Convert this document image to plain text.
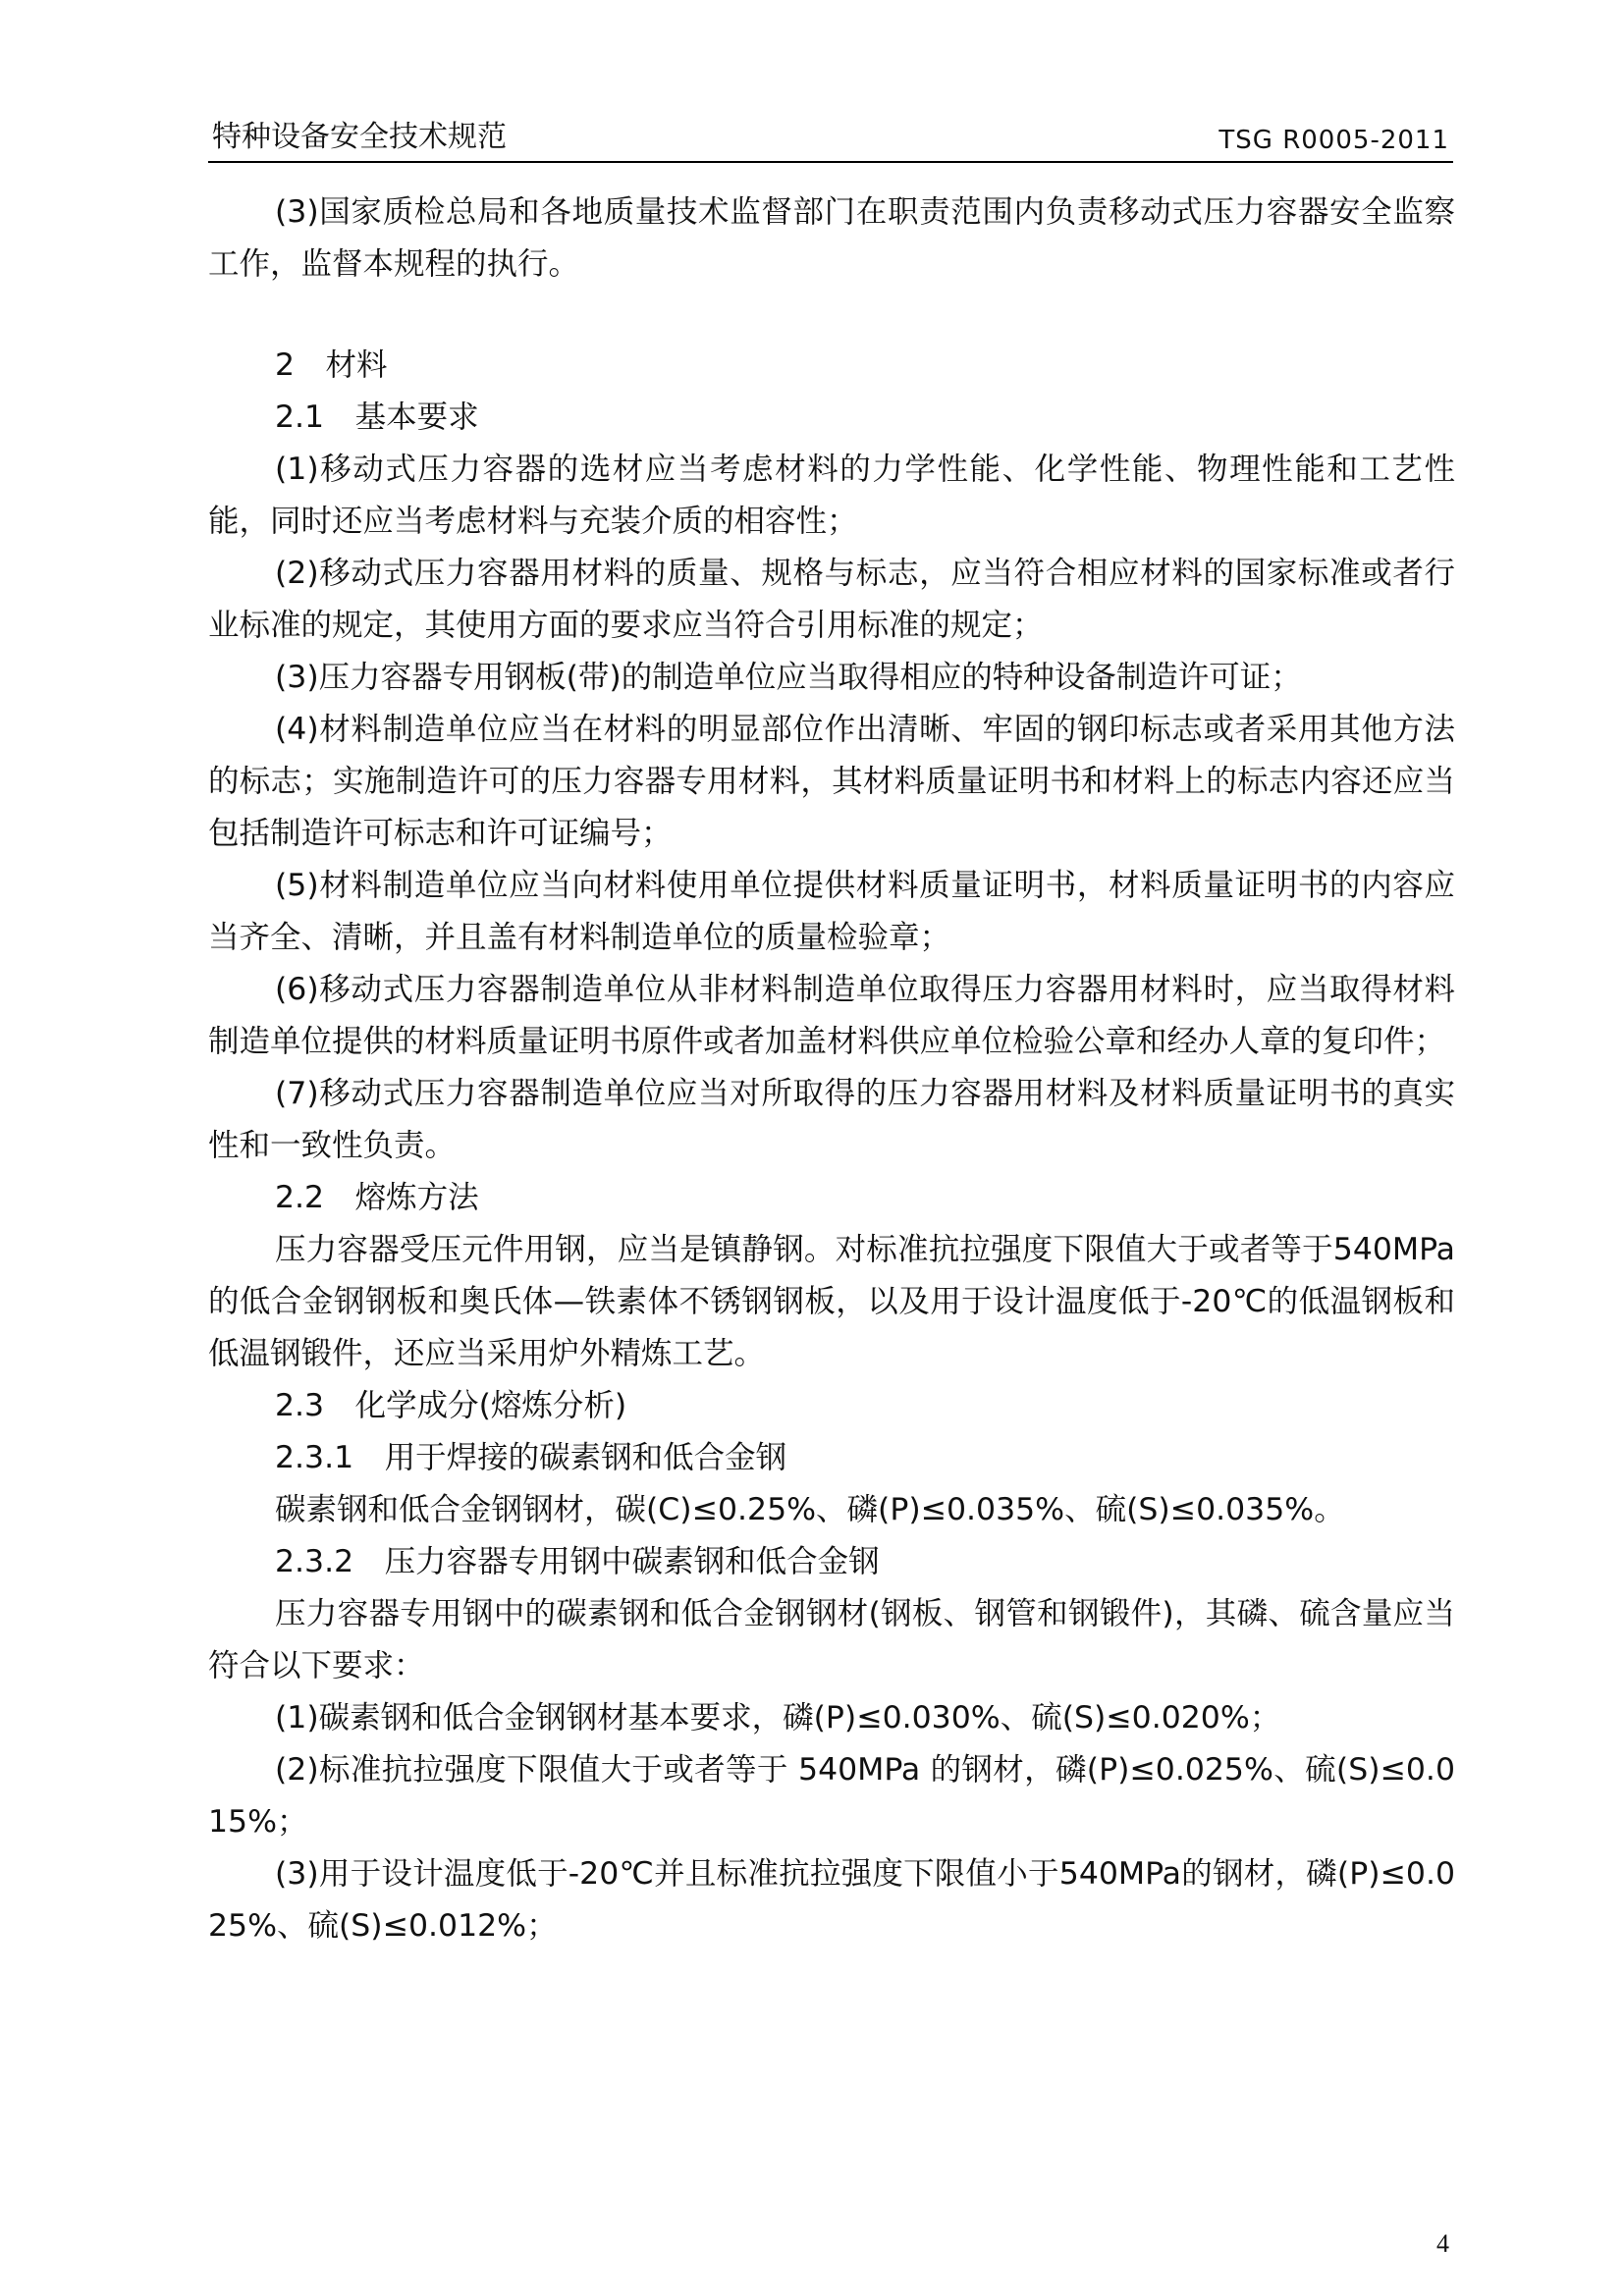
特种设备安全技术规范	TSG R0005-2011

(3)国家质检总局和各地质量技术监督部门在职责范围内负责移动式压力容器安全监察工作，监督本规程的执行。

2　材料

2.1　基本要求

(1)移动式压力容器的选材应当考虑材料的力学性能、化学性能、物理性能和工艺性能，同时还应当考虑材料与充装介质的相容性；

(2)移动式压力容器用材料的质量、规格与标志，应当符合相应材料的国家标准或者行业标准的规定，其使用方面的要求应当符合引用标准的规定；

(3)压力容器专用钢板(带)的制造单位应当取得相应的特种设备制造许可证；

(4)材料制造单位应当在材料的明显部位作出清晰、牢固的钢印标志或者采用其他方法的标志；实施制造许可的压力容器专用材料，其材料质量证明书和材料上的标志内容还应当包括制造许可标志和许可证编号；

(5)材料制造单位应当向材料使用单位提供材料质量证明书，材料质量证明书的内容应当齐全、清晰，并且盖有材料制造单位的质量检验章；

(6)移动式压力容器制造单位从非材料制造单位取得压力容器用材料时，应当取得材料制造单位提供的材料质量证明书原件或者加盖材料供应单位检验公章和经办人章的复印件；

(7)移动式压力容器制造单位应当对所取得的压力容器用材料及材料质量证明书的真实性和一致性负责。

2.2　熔炼方法

压力容器受压元件用钢，应当是镇静钢。对标准抗拉强度下限值大于或者等于540MPa的低合金钢钢板和奥氏体—铁素体不锈钢钢板，以及用于设计温度低于-20℃的低温钢板和低温钢锻件，还应当采用炉外精炼工艺。

2.3　化学成分(熔炼分析)

2.3.1　用于焊接的碳素钢和低合金钢

碳素钢和低合金钢钢材，碳(C)≤0.25%、磷(P)≤0.035%、硫(S)≤0.035%。

2.3.2　压力容器专用钢中碳素钢和低合金钢

压力容器专用钢中的碳素钢和低合金钢钢材(钢板、钢管和钢锻件)，其磷、硫含量应当符合以下要求：

(1)碳素钢和低合金钢钢材基本要求，磷(P)≤0.030%、硫(S)≤0.020%；

(2)标准抗拉强度下限值大于或者等于 540MPa 的钢材，磷(P)≤0.025%、硫(S)≤0.015%；

(3)用于设计温度低于-20℃并且标准抗拉强度下限值小于540MPa的钢材，磷(P)≤0.025%、硫(S)≤0.012%；

4
